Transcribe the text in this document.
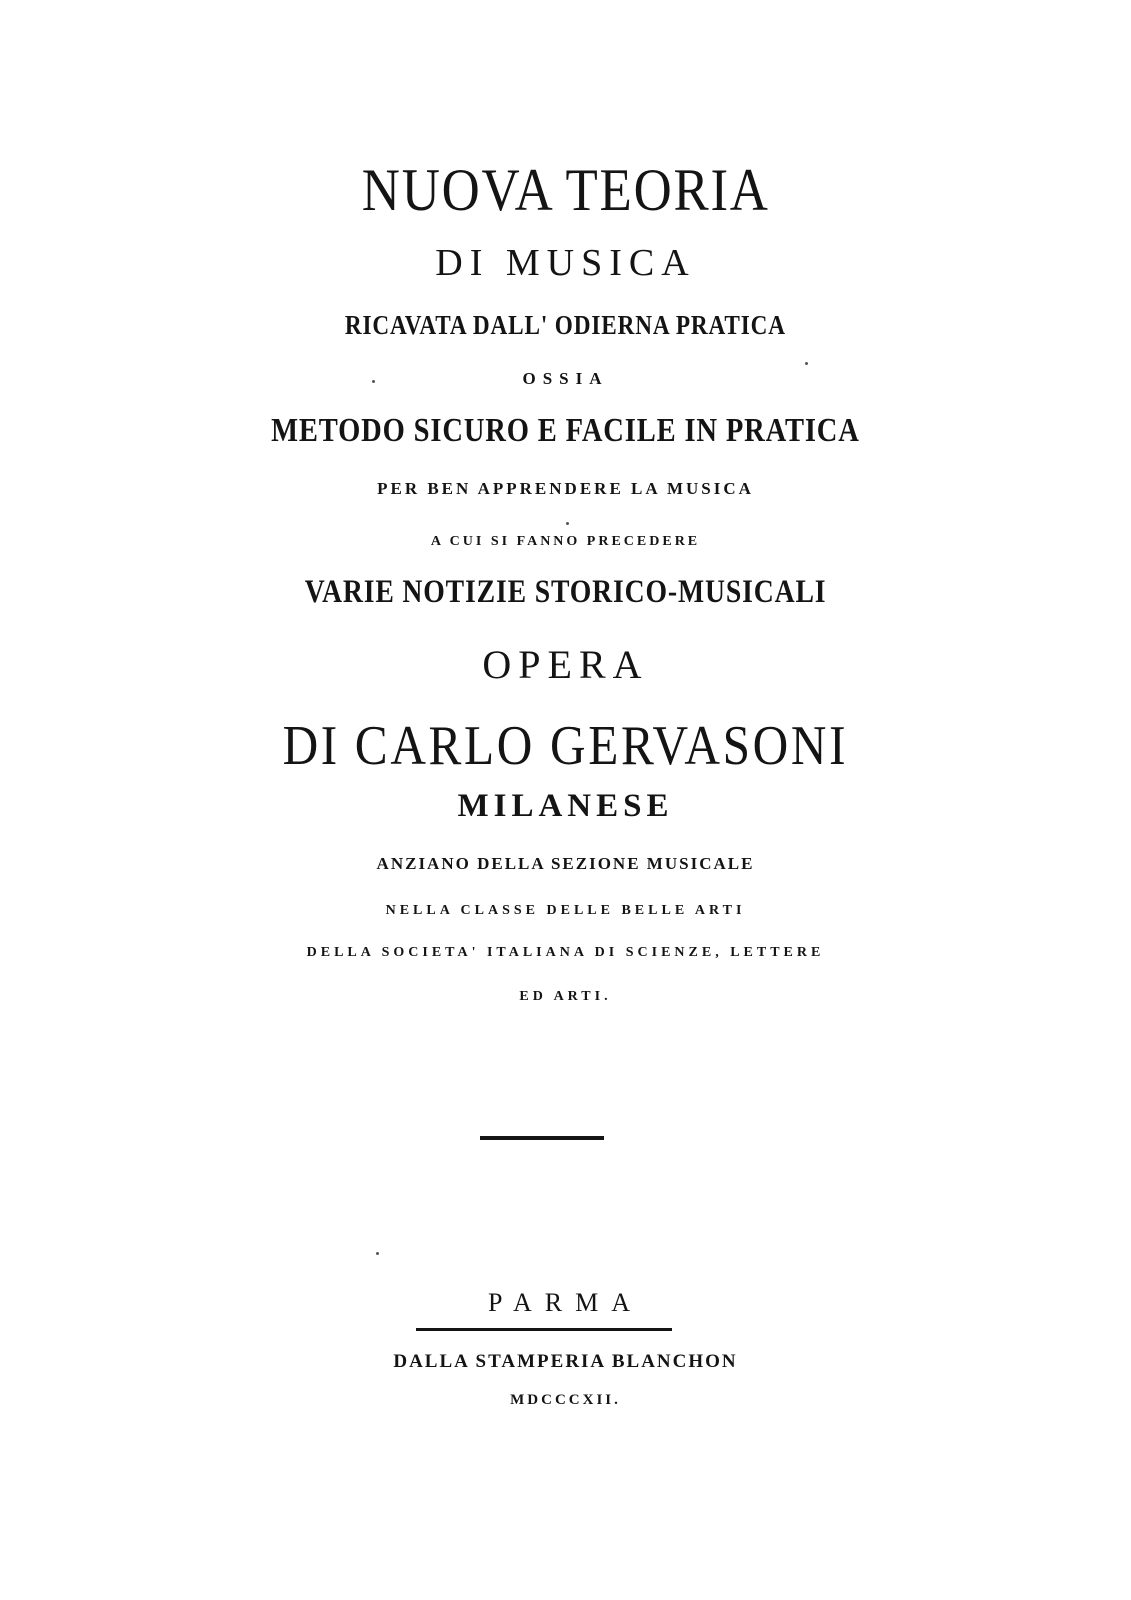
NUOVA TEORIA

DI MUSICA

RICAVATA DALL' ODIERNA PRATICA

OSSIA

METODO SICURO E FACILE IN PRATICA

PER BEN APPRENDERE LA MUSICA

A CUI SI FANNO PRECEDERE

VARIE NOTIZIE STORICO-MUSICALI

OPERA

DI CARLO GERVASONI

MILANESE

ANZIANO DELLA SEZIONE MUSICALE

NELLA CLASSE DELLE BELLE ARTI

DELLA SOCIETA' ITALIANA DI SCIENZE, LETTERE

ED ARTI.

PARMA

DALLA STAMPERIA BLANCHON

MDCCCXII.
